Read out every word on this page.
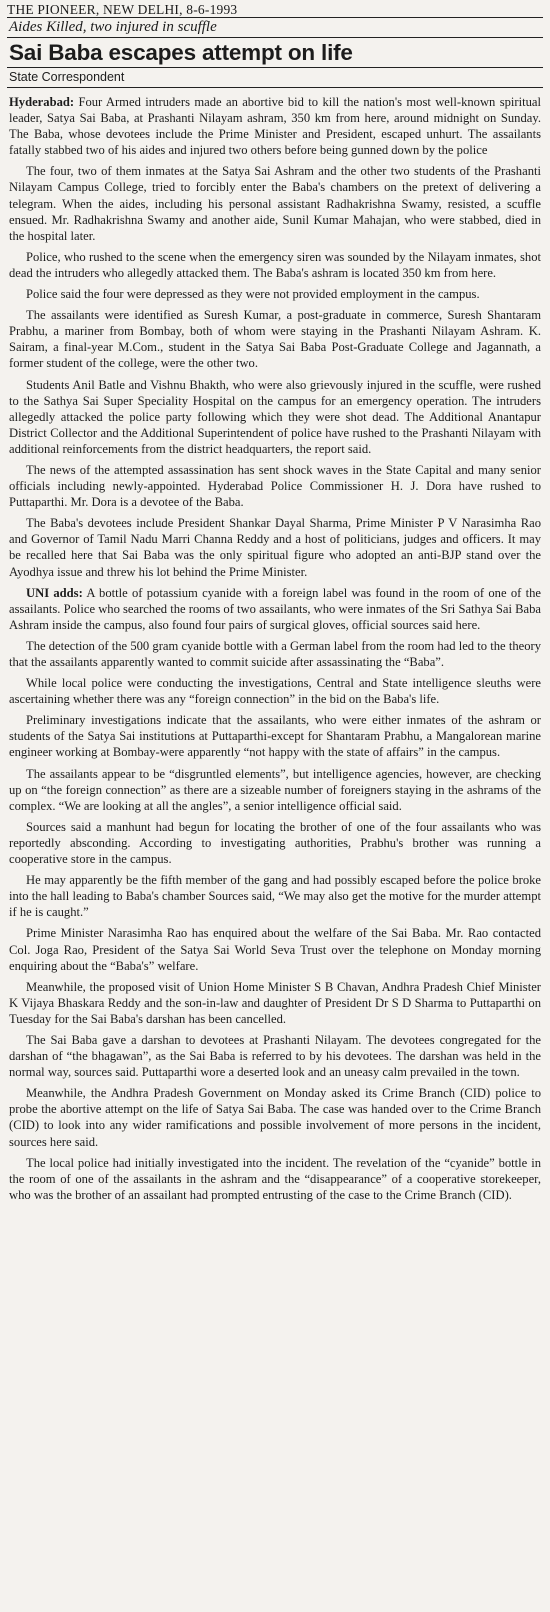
THE PIONEER, NEW DELHI, 8-6-1993
Aides Killed, two injured in scuffle
Sai Baba escapes attempt on life
State Correspondent

Hyderabad: Four Armed intruders made an abortive bid to kill the nation's most well-known spiritual leader, Satya Sai Baba, at Prashanti Nilayam ashram, 350 km from here, around midnight on Sunday. The Baba, whose devotees include the Prime Minister and President, escaped unhurt. The assailants fatally stabbed two of his aides and injured two others before being gunned down by the police

The four, two of them inmates at the Satya Sai Ashram and the other two students of the Prashanti Nilayam Campus College, tried to forcibly enter the Baba's chambers on the pretext of delivering a telegram. When the aides, including his personal assistant Radhakrishna Swamy, resisted, a scuffle ensued. Mr. Radhakrishna Swamy and another aide, Sunil Kumar Mahajan, who were stabbed, died in the hospital later.

Police, who rushed to the scene when the emergency siren was sounded by the Nilayam inmates, shot dead the intruders who allegedly attacked them. The Baba's ashram is located 350 km from here.

Police said the four were depressed as they were not provided employment in the campus.

The assailants were identified as Suresh Kumar, a post-graduate in commerce, Suresh Shantaram Prabhu, a mariner from Bombay, both of whom were staying in the Prashanti Nilayam Ashram. K. Sairam, a final-year M.Com., student in the Satya Sai Baba Post-Graduate College and Jagannath, a former student of the college, were the other two.

Students Anil Batle and Vishnu Bhakth, who were also grievously injured in the scuffle, were rushed to the Sathya Sai Super Speciality Hospital on the campus for an emergency operation. The intruders allegedly attacked the police party following which they were shot dead. The Additional Anantapur District Collector and the Additional Superintendent of police have rushed to the Prashanti Nilayam with additional reinforcements from the district headquarters, the report said.

The news of the attempted assassination has sent shock waves in the State Capital and many senior officials including newly-appointed. Hyderabad Police Commissioner H. J. Dora have rushed to Puttaparthi. Mr. Dora is a devotee of the Baba.

The Baba's devotees include President Shankar Dayal Sharma, Prime Minister P V Narasimha Rao and Governor of Tamil Nadu Marri Channa Reddy and a host of politicians, judges and officers. It may be recalled here that Sai Baba was the only spiritual figure who adopted an anti-BJP stand over the Ayodhya issue and threw his lot behind the Prime Minister.

UNI adds: A bottle of potassium cyanide with a foreign label was found in the room of one of the assailants. Police who searched the rooms of two assailants, who were inmates of the Sri Sathya Sai Baba Ashram inside the campus, also found four pairs of surgical gloves, official sources said here.

The detection of the 500 gram cyanide bottle with a German label from the room had led to the theory that the assailants apparently wanted to commit suicide after assassinating the “Baba”.

While local police were conducting the investigations, Central and State intelligence sleuths were ascertaining whether there was any “foreign connection” in the bid on the Baba's life.

Preliminary investigations indicate that the assailants, who were either inmates of the ashram or students of the Satya Sai institutions at Puttaparthi-except for Shantaram Prabhu, a Mangalorean marine engineer working at Bombay-were apparently “not happy with the state of affairs” in the campus.

The assailants appear to be “disgruntled elements”, but intelligence agencies, however, are checking up on “the foreign connection” as there are a sizeable number of foreigners staying in the ashrams of the complex. “We are looking at all the angles”, a senior intelligence official said.

Sources said a manhunt had begun for locating the brother of one of the four assailants who was reportedly absconding. According to investigating authorities, Prabhu's brother was running a cooperative store in the campus.

He may apparently be the fifth member of the gang and had possibly escaped before the police broke into the hall leading to Baba's chamber Sources said, “We may also get the motive for the murder attempt if he is caught.”

Prime Minister Narasimha Rao has enquired about the welfare of the Sai Baba. Mr. Rao contacted Col. Joga Rao, President of the Satya Sai World Seva Trust over the telephone on Monday morning enquiring about the “Baba's” welfare.

Meanwhile, the proposed visit of Union Home Minister S B Chavan, Andhra Pradesh Chief Minister K Vijaya Bhaskara Reddy and the son-in-law and daughter of President Dr S D Sharma to Puttaparthi on Tuesday for the Sai Baba's darshan has been cancelled.

The Sai Baba gave a darshan to devotees at Prashanti Nilayam. The devotees congregated for the darshan of “the bhagawan”, as the Sai Baba is referred to by his devotees. The darshan was held in the normal way, sources said. Puttaparthi wore a deserted look and an uneasy calm prevailed in the town.

Meanwhile, the Andhra Pradesh Government on Monday asked its Crime Branch (CID) police to probe the abortive attempt on the life of Satya Sai Baba. The case was handed over to the Crime Branch (CID) to look into any wider ramifications and possible involvement of more persons in the incident, sources here said.

The local police had initially investigated into the incident. The revelation of the “cyanide” bottle in the room of one of the assailants in the ashram and the “disappearance” of a cooperative storekeeper, who was the brother of an assailant had prompted entrusting of the case to the Crime Branch (CID).
